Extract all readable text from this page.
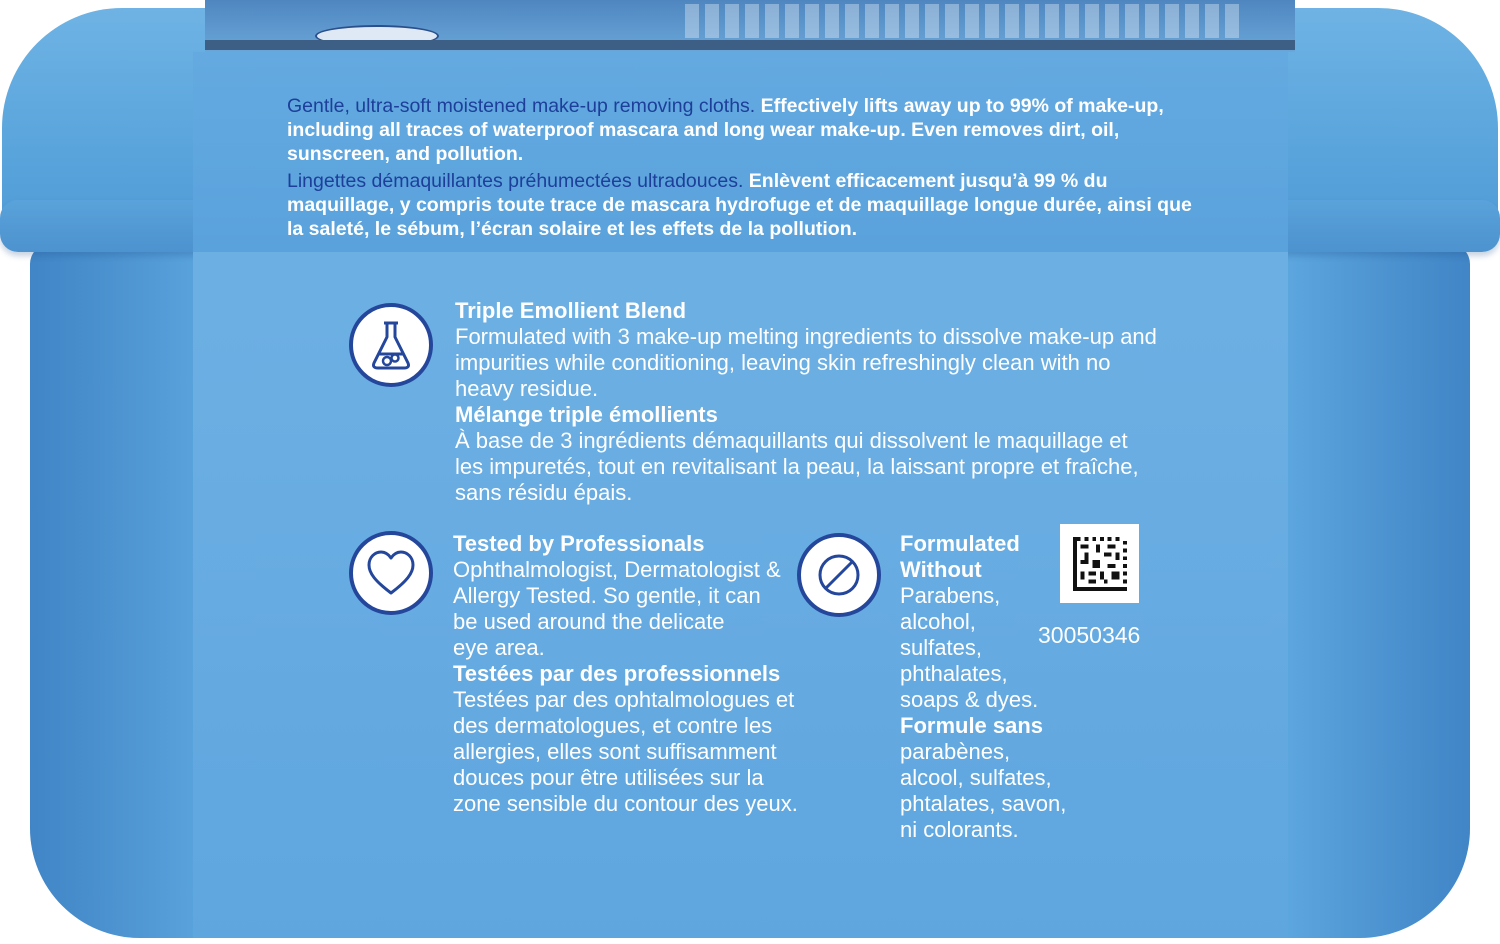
Gentle, ultra-soft moistened make-up removing cloths. Effectively lifts away up to 99% of make-up, including all traces of waterproof mascara and long wear make-up. Even removes dirt, oil, sunscreen, and pollution.

Lingettes démaquillantes préhumectées ultradouces. Enlèvent efficacement jusqu’à 99 % du maquillage, y compris toute trace de mascara hydrofuge et de maquillage longue durée, ainsi que la saleté, le sébum, l’écran solaire et les effets de la pollution.

Triple Emollient Blend
Formulated with 3 make-up melting ingredients to dissolve make-up and
impurities while conditioning, leaving skin refreshingly clean with no
heavy residue.
Mélange triple émollients
À base de 3 ingrédients démaquillants qui dissolvent le maquillage et
les impuretés, tout en revitalisant la peau, la laissant propre et fraîche,
sans résidu épais.
Tested by Professionals
Ophthalmologist, Dermatologist &
Allergy Tested. So gentle, it can
be used around the delicate
eye area.
Testées par des professionnels
Testées par des ophtalmologues et
des dermatologues, et contre les
allergies, elles sont suffisamment
douces pour être utilisées sur la
zone sensible du contour des yeux.
Formulated
Without
Parabens,
alcohol,
sulfates,
phthalates,
soaps & dyes.
Formule sans
parabènes,
alcool, sulfates,
phtalates, savon,
ni colorants.
30050346
